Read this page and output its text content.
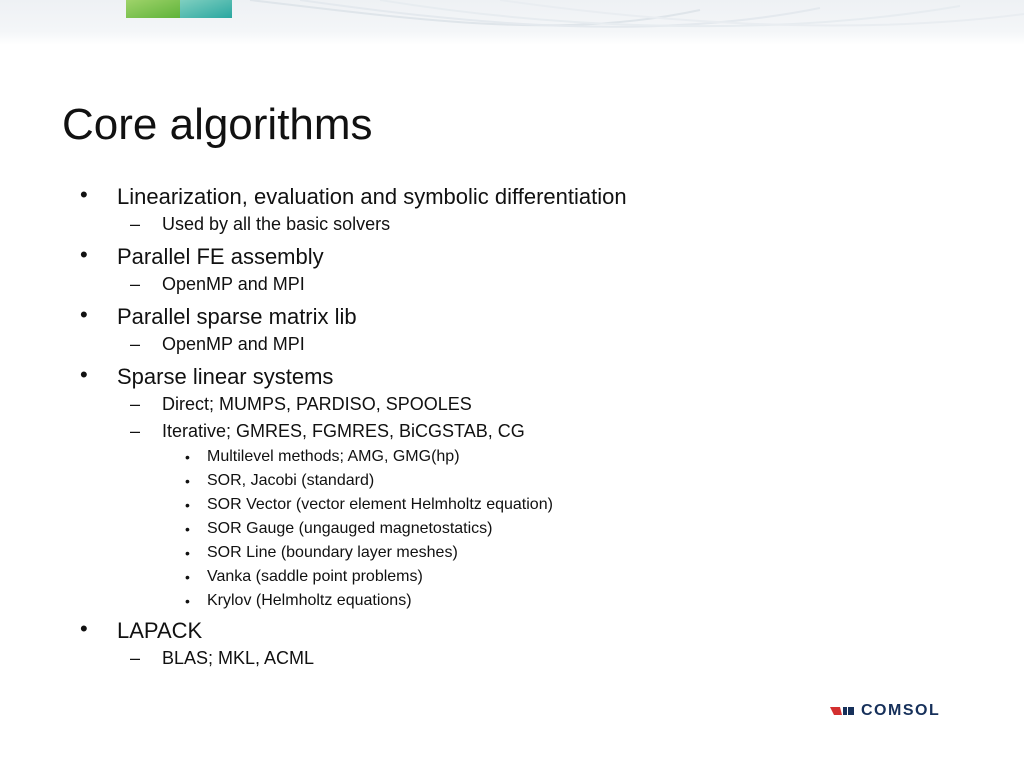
Core algorithms
• Linearization, evaluation and symbolic differentiation
– Used by all the basic solvers
• Parallel FE assembly
– OpenMP and MPI
• Parallel sparse matrix lib
– OpenMP and MPI
• Sparse linear systems
– Direct; MUMPS, PARDISO, SPOOLES
– Iterative; GMRES, FGMRES, BiCGSTAB, CG
• Multilevel methods; AMG, GMG(hp)
• SOR, Jacobi (standard)
• SOR Vector (vector element Helmholtz equation)
• SOR Gauge (ungauged magnetostatics)
• SOR Line (boundary layer meshes)
• Vanka (saddle point problems)
• Krylov (Helmholtz equations)
• LAPACK
– BLAS; MKL, ACML
COMSOL
